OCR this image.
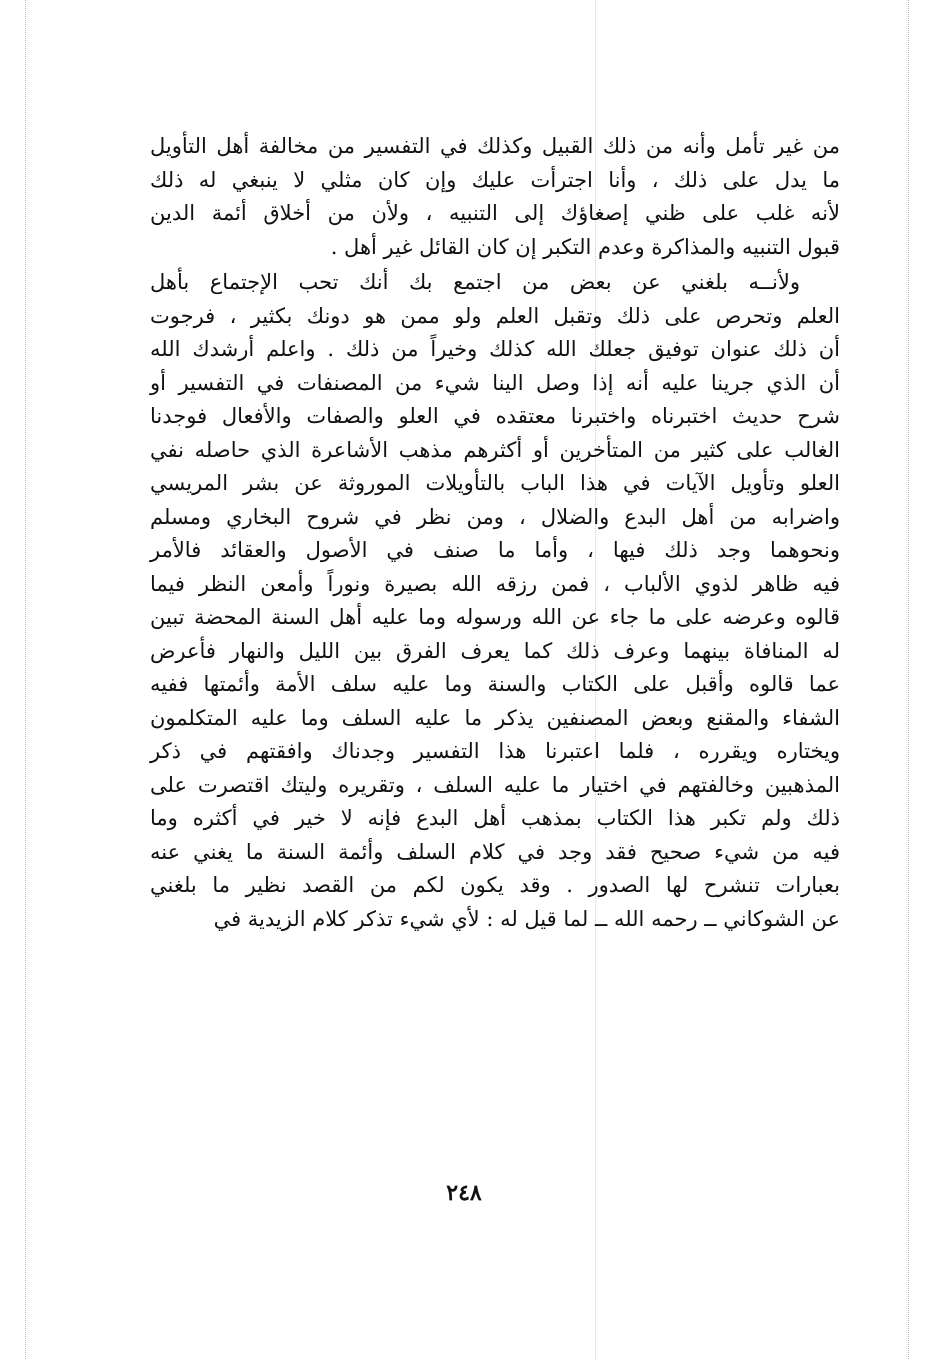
من غير تأمل وأنه من ذلك القبيل وكذلك في التفسير من مخالفة أهل التأويل
ما يدل على ذلك ، وأنا اجترأت عليك وإن كان مثلي لا ينبغي له ذلك
لأنه غلب على ظني إصغاؤك إلى التنبيه ، ولأن من أخلاق أئمة الدين
قبول التنبيه والمذاكرة وعدم التكبر إن كان القائل غير أهل .
ولأنــه بلغني عن بعض من اجتمع بك أنك تحب الإجتماع بأهل
العلم وتحرص على ذلك وتقبل العلم ولو ممن هو دونك بكثير ، فرجوت
أن ذلك عنوان توفيق جعلك الله كذلك وخيراً من ذلك . واعلم أرشدك الله
أن الذي جرينا عليه أنه إذا وصل الينا شيء من المصنفات في التفسير أو
شرح حديث اختبرناه واختبرنا معتقده في العلو والصفات والأفعال فوجدنا
الغالب على كثير من المتأخرين أو أكثرهم مذهب الأشاعرة الذي حاصله نفي
العلو وتأويل الآيات في هذا الباب بالتأويلات الموروثة عن بشر المريسي
واضرابه من أهل البدع والضلال ، ومن نظر في شروح البخاري ومسلم
ونحوهما وجد ذلك فيها ، وأما ما صنف في الأصول والعقائد فالأمر
فيه ظاهر لذوي الألباب ، فمن رزقه الله بصيرة ونوراً وأمعن النظر فيما
قالوه وعرضه على ما جاء عن الله ورسوله وما عليه أهل السنة المحضة تبين
له المنافاة بينهما وعرف ذلك كما يعرف الفرق بين الليل والنهار فأعرض
عما قالوه وأقبل على الكتاب والسنة وما عليه سلف الأمة وأئمتها ففيه
الشفاء والمقنع وبعض المصنفين يذكر ما عليه السلف وما عليه المتكلمون
ويختاره ويقرره ، فلما اعتبرنا هذا التفسير وجدناك وافقتهم في ذكر
المذهبين وخالفتهم في اختيار ما عليه السلف ، وتقريره وليتك اقتصرت على
ذلك ولم تكبر هذا الكتاب بمذهب أهل البدع فإنه لا خير في أكثره وما
فيه من شيء صحيح فقد وجد في كلام السلف وأئمة السنة ما يغني عنه
بعبارات تنشرح لها الصدور . وقد يكون لكم من القصد نظير ما بلغني
عن الشوكاني ــ رحمه الله ــ لما قيل له : لأي شيء تذكر كلام الزيدية في
٢٤٨
